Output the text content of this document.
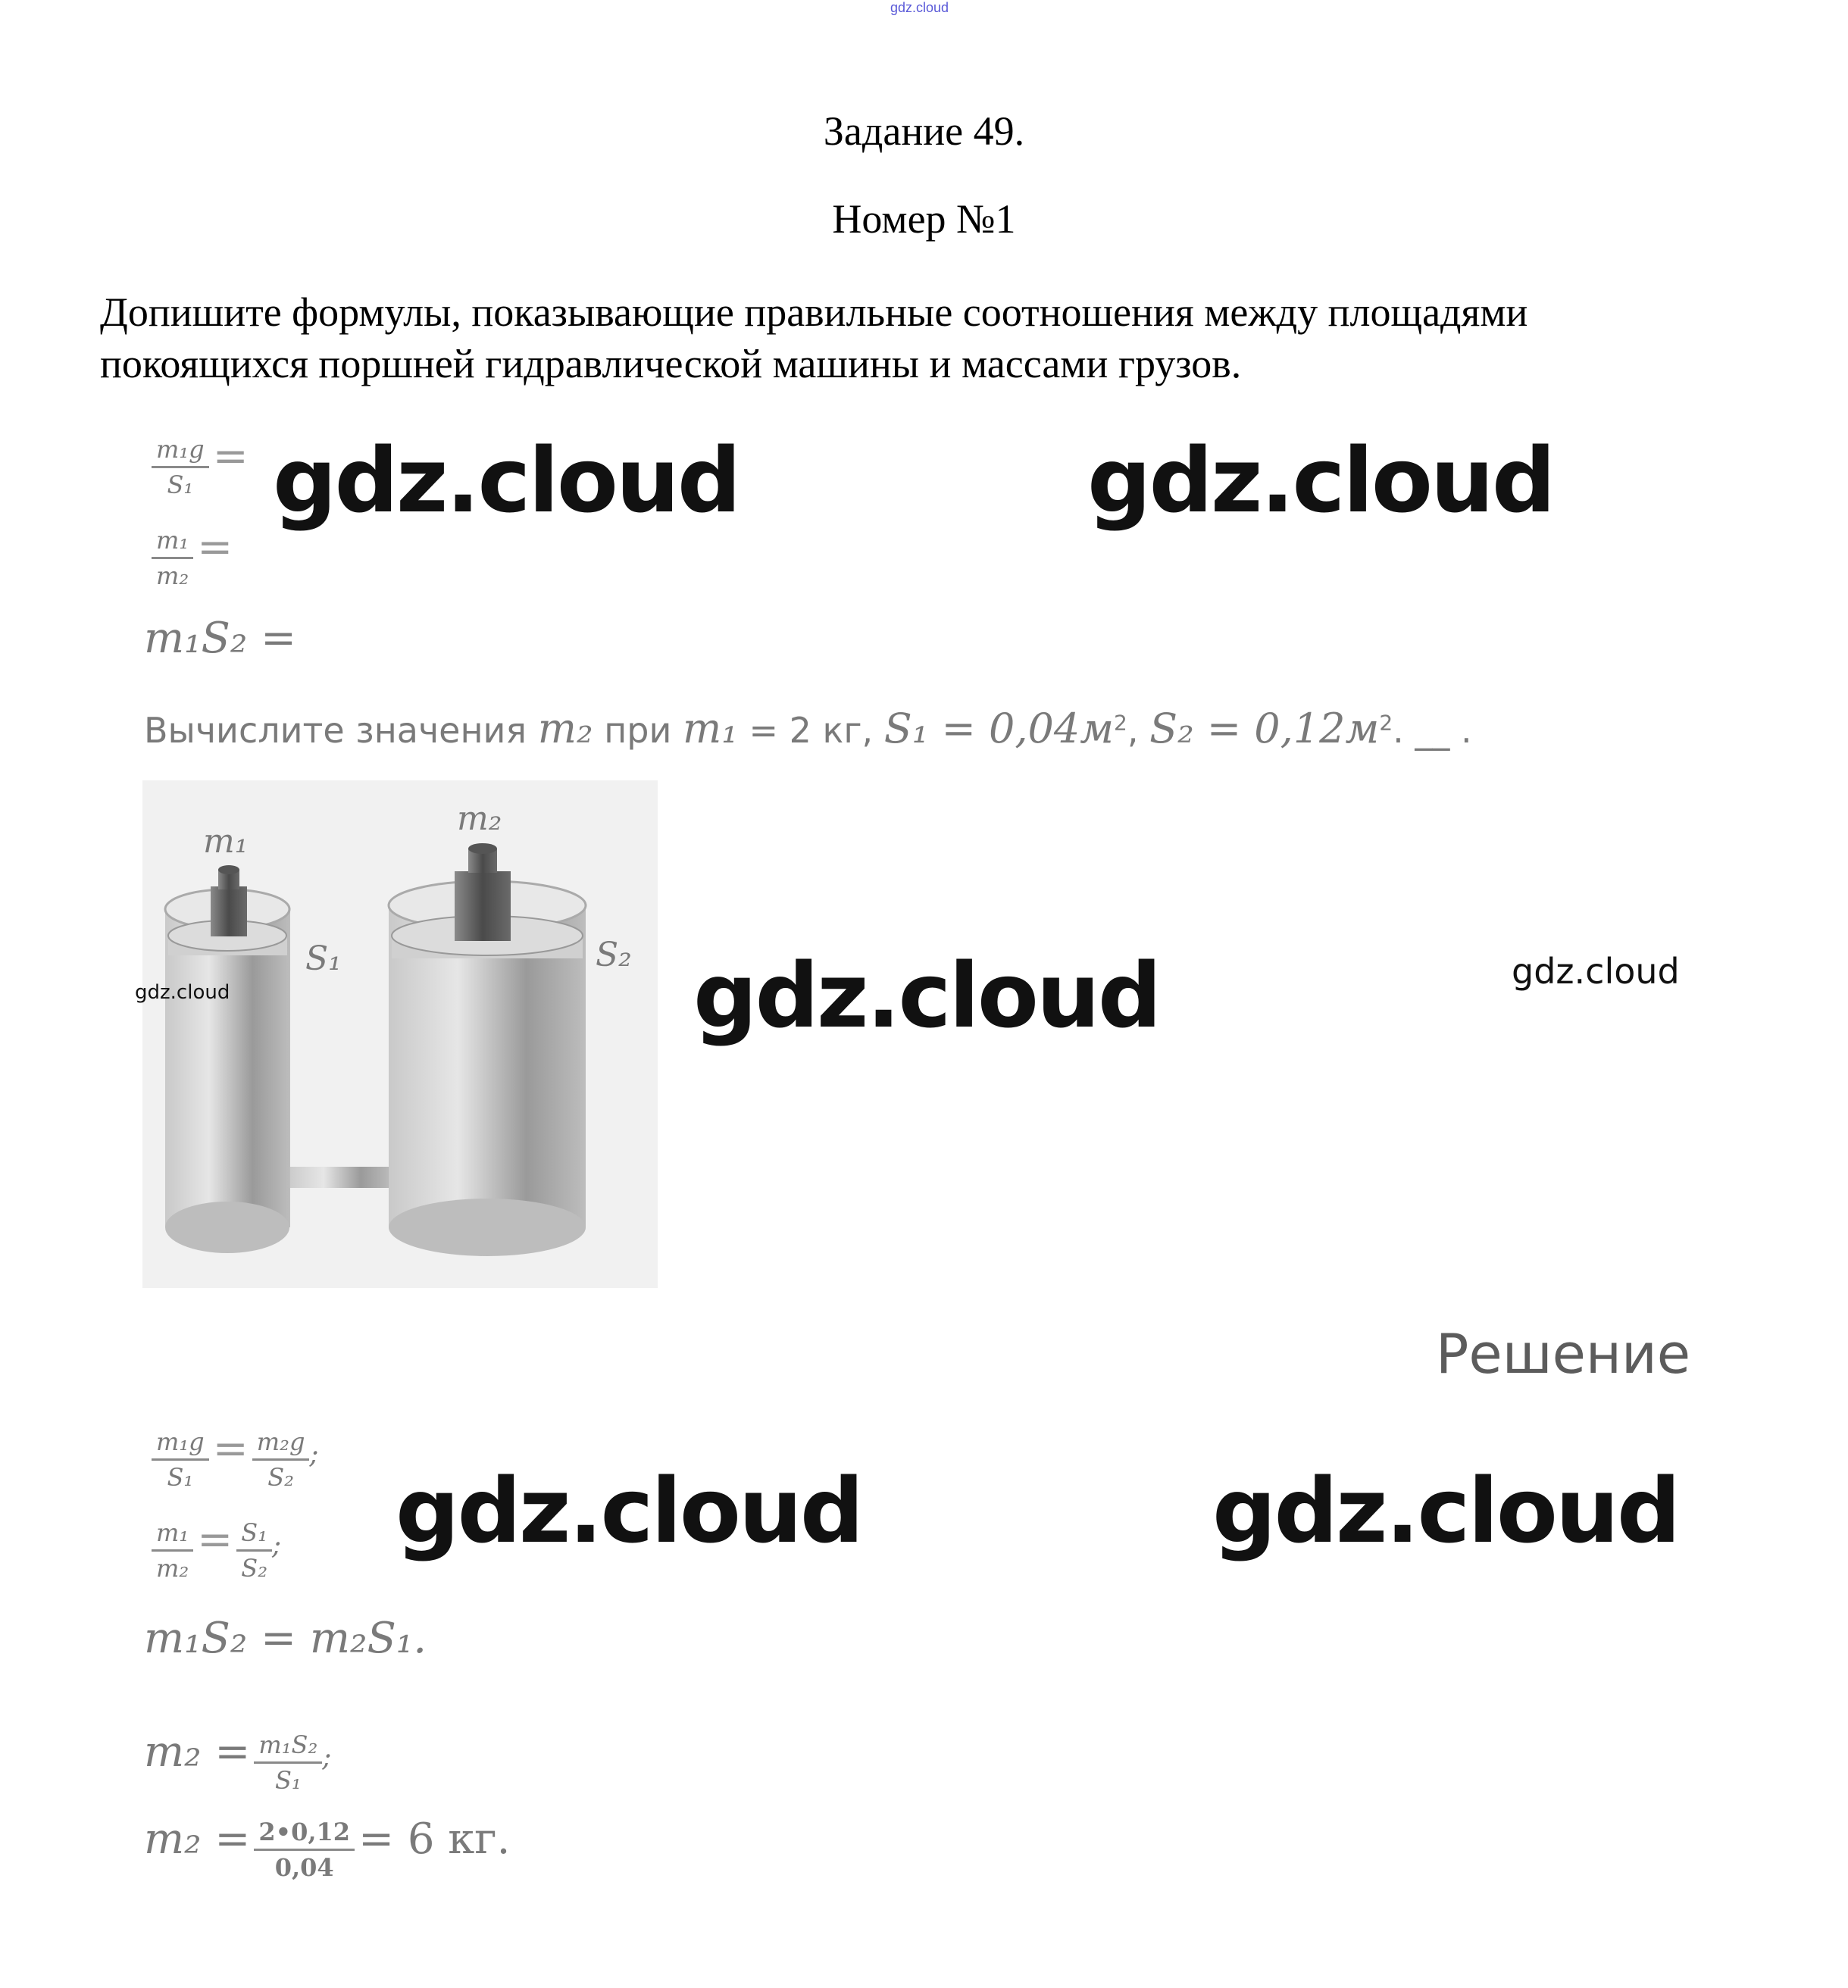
gdz.cloud
Задание 49.
Номер №1
Допишите формулы, показывающие правильные соотношения между площадями покоящихся поршней гидравлической машины и массами грузов.
$\frac{\text{m₁g}}{\text{S₁}}$ =
$\frac{\text{m₁}}{\text{m₂}}$ =
m₁S₂ =
Вычислите значения m₂ при m₁ = 2 кг, $S_1 = 0,04м^2$, $S_2 = 0,12м^2$. __ .
m₁
m₂
S₁	S₂
Решение
$\frac{\text{m₁g}}{\text{S₁}} = \frac{\text{m₂g}}{\text{S₂}}$ ;
$\frac{\text{m₁}}{\text{m₂}} = \frac{\text{S₁}}{\text{S₂}}$ ;
m₁S₂ = m₂S₁.
$m_2 = \frac{\text{m₁S₂}}{\text{S₁}}$ ;
$m_2 = \frac{2•0,12}{0,04} = 6$ кг.
gdz.cloud	gdz.cloud
gdz.cloud	gdz.cloud
gdz.cloud
gdz.cloud	gdz.cloud
